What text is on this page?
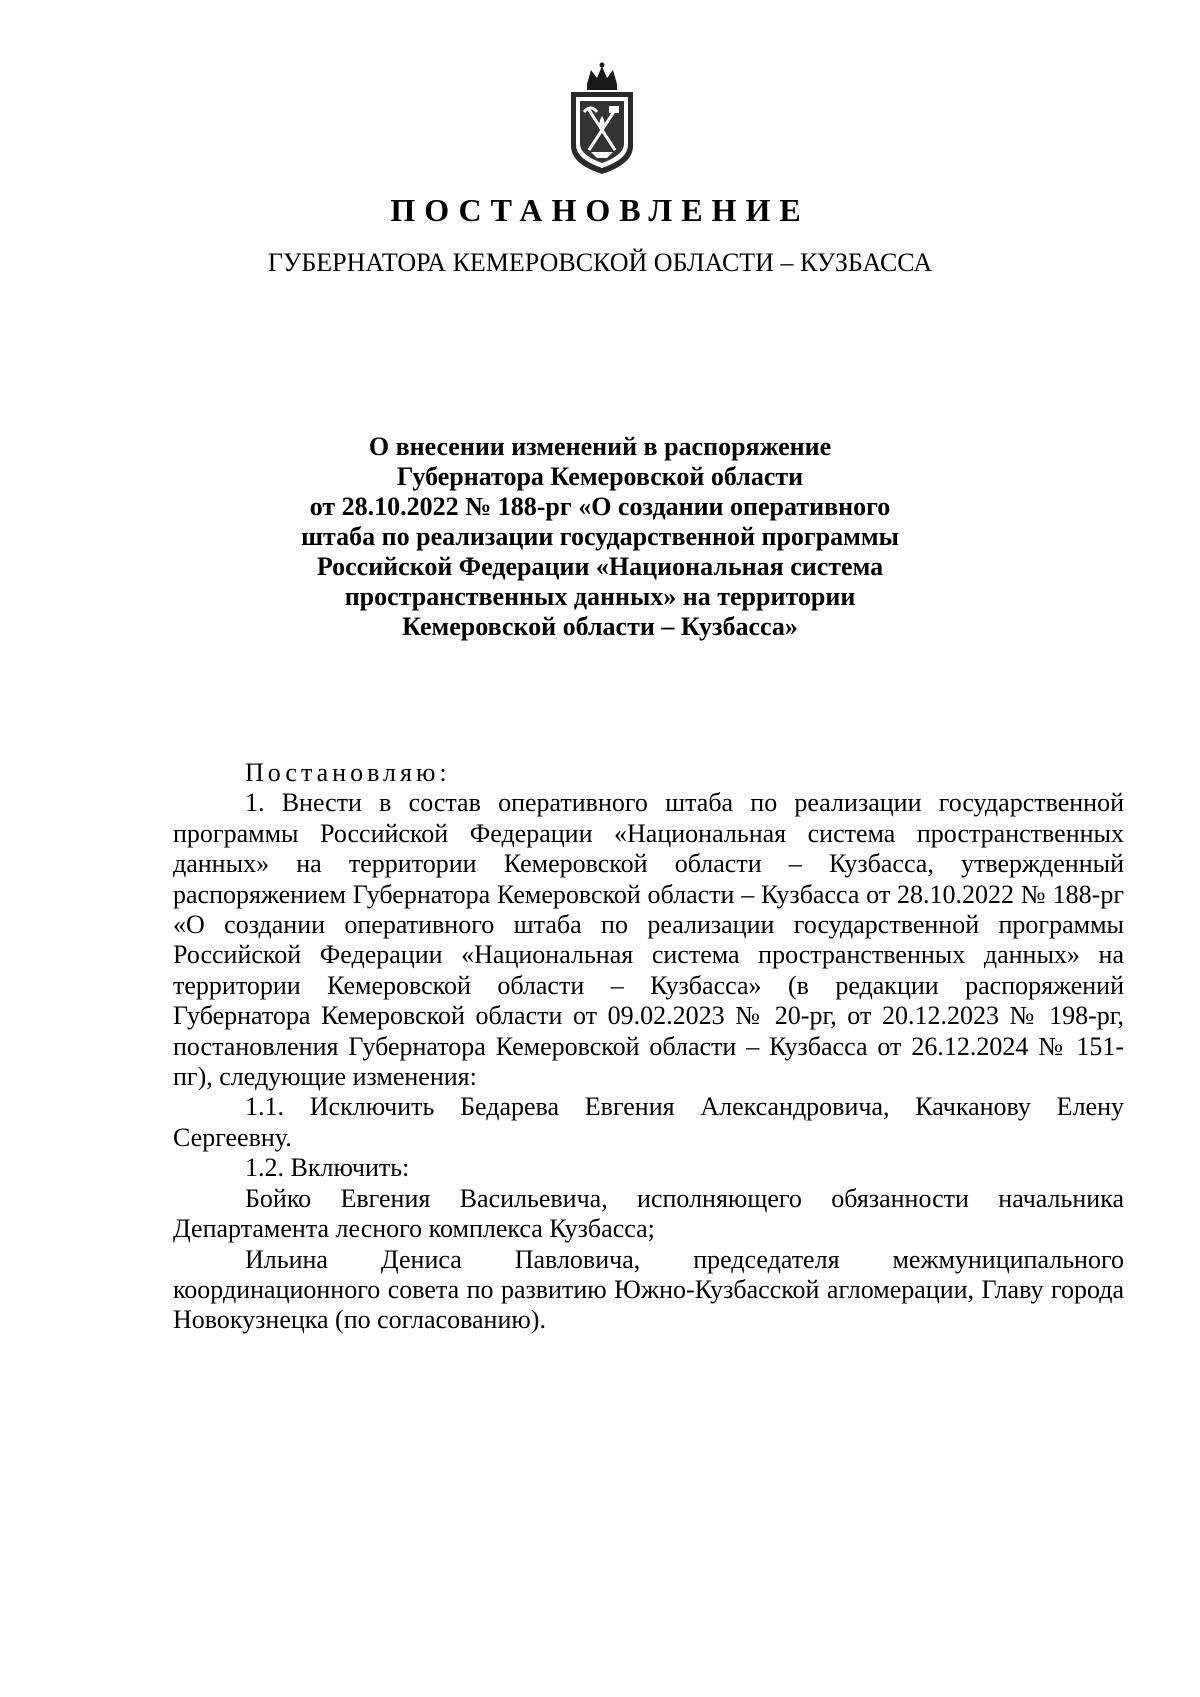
ПОСТАНОВЛЕНИЕ
ГУБЕРНАТОРА КЕМЕРОВСКОЙ ОБЛАСТИ – КУЗБАССА
О внесении изменений в распоряжение
Губернатора Кемеровской области
от 28.10.2022 № 188-рг «О создании оперативного
штаба по реализации государственной программы
Российской Федерации «Национальная система
пространственных данных» на территории
Кемеровской области – Кузбасса»

Постановляю:

1. Внести в состав оперативного штаба по реализации государственной программы Российской Федерации «Национальная система пространственных данных» на территории Кемеровской области – Кузбасса, утвержденный распоряжением Губернатора Кемеровской области – Кузбасса от 28.10.2022 № 188-рг «О создании оперативного штаба по реализации государственной программы Российской Федерации «Национальная система пространственных данных» на территории Кемеровской области – Кузбасса» (в редакции распоряжений Губернатора Кемеровской области от 09.02.2023 № 20-рг, от 20.12.2023 № 198-рг, постановления Губернатора Кемеровской области – Кузбасса от 26.12.2024 № 151-пг), следующие изменения:

1.1. Исключить Бедарева Евгения Александровича, Качканову Елену Сергеевну.

1.2. Включить:

Бойко Евгения Васильевича, исполняющего обязанности начальника Департамента лесного комплекса Кузбасса;

Ильина Дениса Павловича, председателя межмуниципального координационного совета по развитию Южно-Кузбасской агломерации, Главу города Новокузнецка (по согласованию).
